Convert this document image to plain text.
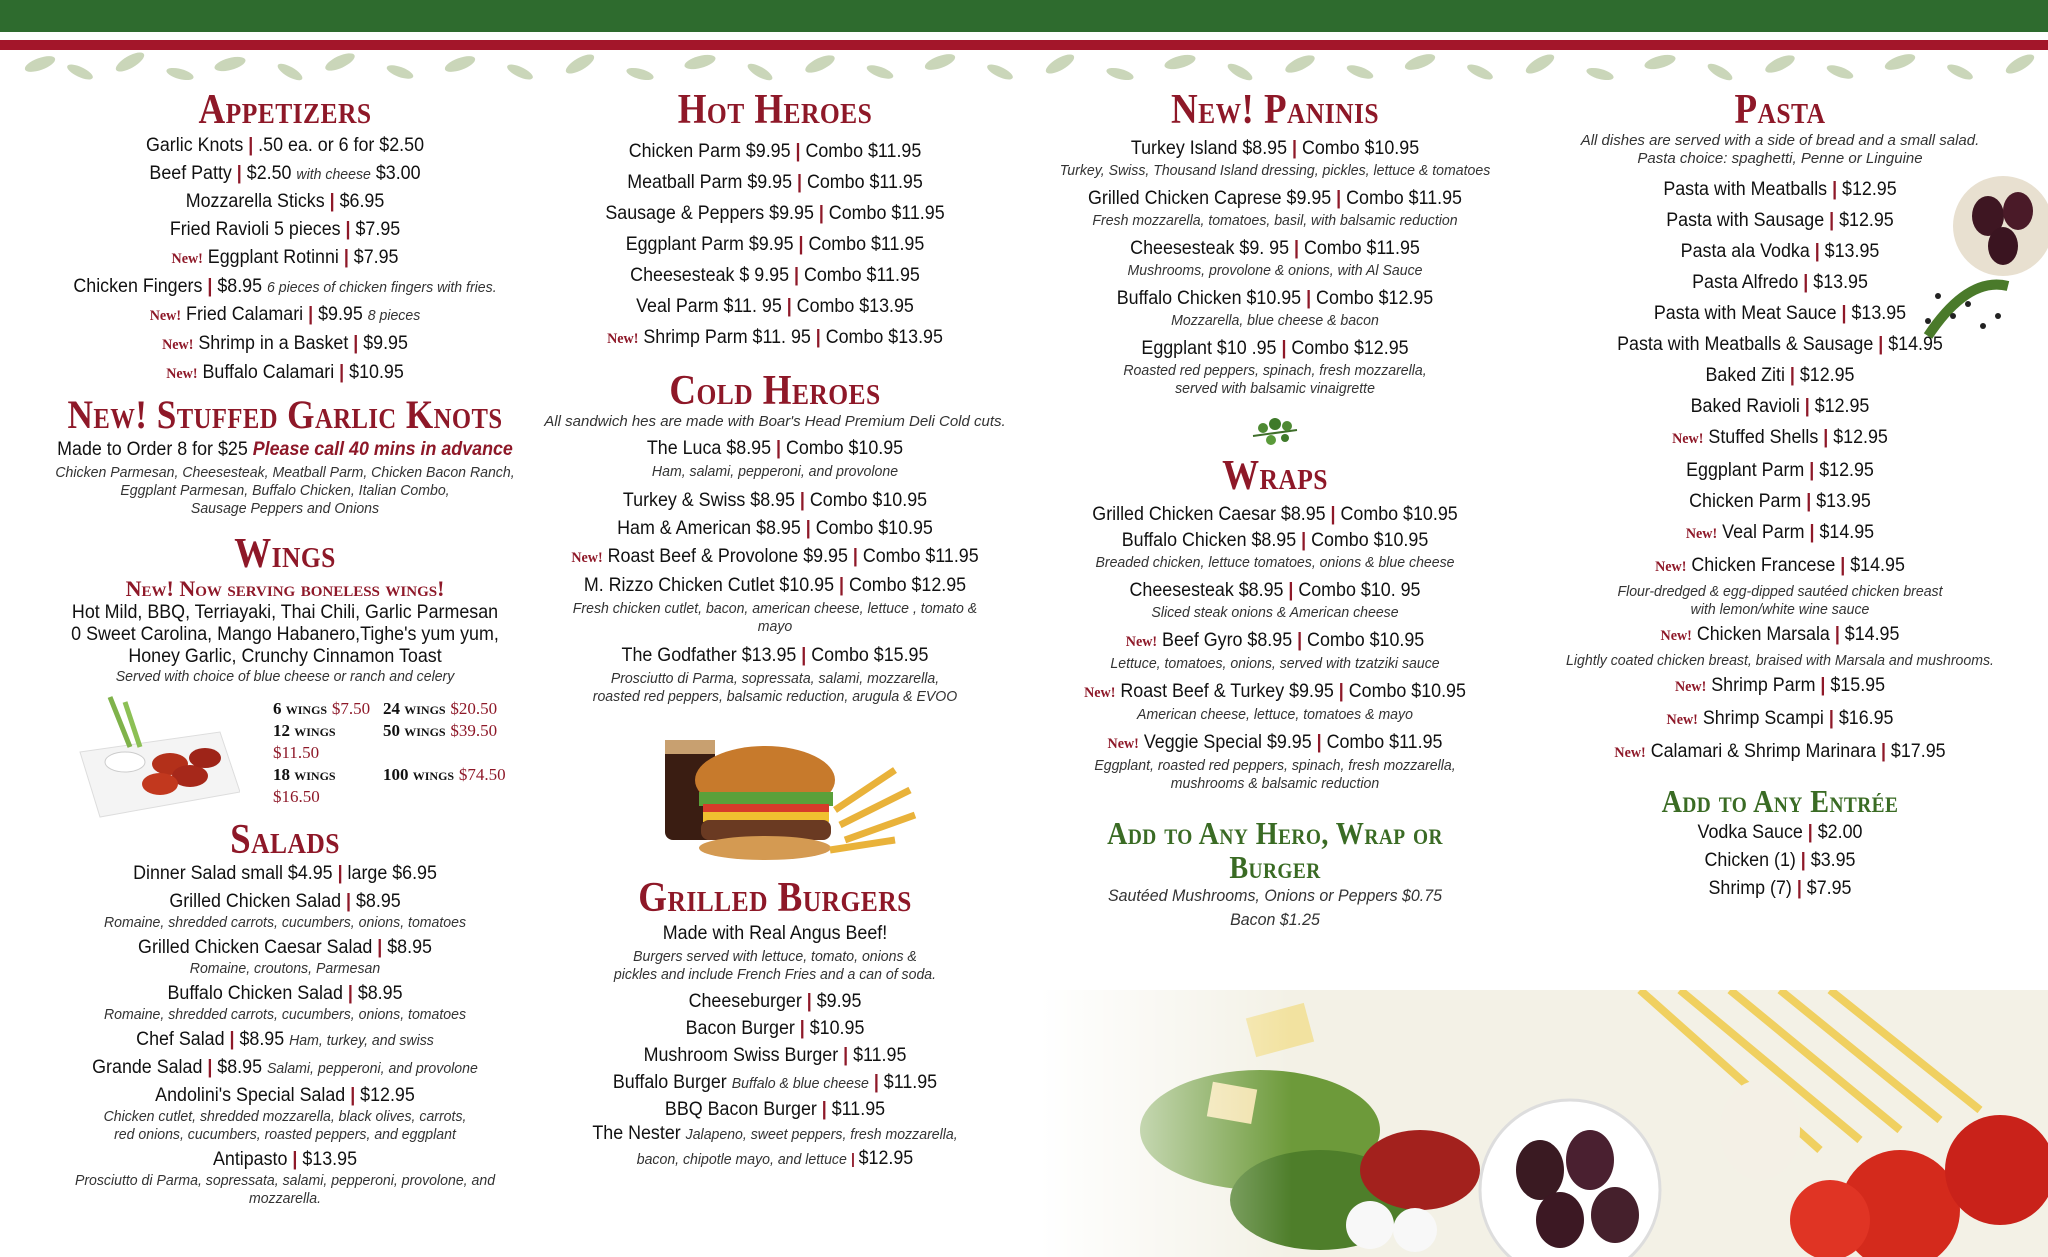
Appetizers
Garlic Knots | .50 ea. or 6 for $2.50
Beef Patty | $2.50 with cheese $3.00
Mozzarella Sticks | $6.95
Fried Ravioli 5 pieces | $7.95
New! Eggplant Rotinni | $7.95
Chicken Fingers | $8.95 6 pieces of chicken fingers with fries.
New! Fried Calamari | $9.95 8 pieces
New! Shrimp in a Basket | $9.95
New! Buffalo Calamari | $10.95
New! Stuffed Garlic Knots
Made to Order 8 for $25 Please call 40 mins in advance
Chicken Parmesan, Cheesesteak, Meatball Parm, Chicken Bacon Ranch,
Eggplant Parmesan, Buffalo Chicken, Italian Combo,
Sausage Peppers and Onions
Wings
New! Now serving boneless wings!
Hot Mild, BBQ, Terriayaki, Thai Chili, Garlic Parmesan
0 Sweet Carolina, Mango Habanero,Tighe's yum yum,
Honey Garlic, Crunchy Cinnamon Toast
Served with choice of blue cheese or ranch and celery
6 wings $7.50 24 wings $20.50
12 wings $11.50
50 wings $39.50
18 wings $16.50
100 wings $74.50
Salads
Dinner Salad small $4.95 | large $6.95
Grilled Chicken Salad | $8.95
Romaine, shredded carrots, cucumbers, onions, tomatoes
Grilled Chicken Caesar Salad | $8.95
Romaine, croutons, Parmesan
Buffalo Chicken Salad | $8.95
Romaine, shredded carrots, cucumbers, onions, tomatoes
Chef Salad | $8.95 Ham, turkey, and swiss
Grande Salad | $8.95 Salami, pepperoni, and provolone
Andolini's Special Salad | $12.95
Chicken cutlet, shredded mozzarella, black olives, carrots,
red onions, cucumbers, roasted peppers, and eggplant
Antipasto | $13.95
Prosciutto di Parma, sopressata, salami, pepperoni, provolone, and mozzarella.
Hot Heroes
Chicken Parm $9.95 | Combo $11.95
Meatball Parm $9.95 | Combo $11.95
Sausage & Peppers $9.95 | Combo $11.95
Eggplant Parm $9.95 | Combo $11.95
Cheesesteak $ 9.95 | Combo $11.95
Veal Parm $11. 95 | Combo $13.95
New! Shrimp Parm $11. 95 | Combo $13.95
Cold Heroes
All sandwich hes are made with Boar's Head Premium Deli Cold cuts.
The Luca $8.95 | Combo $10.95
Ham, salami, pepperoni, and provolone
Turkey & Swiss $8.95 | Combo $10.95
Ham & American $8.95 | Combo $10.95
New! Roast Beef & Provolone $9.95 | Combo $11.95
M. Rizzo Chicken Cutlet $10.95 | Combo $12.95
Fresh chicken cutlet, bacon, american cheese, lettuce , tomato & mayo
The Godfather $13.95 | Combo $15.95
Prosciutto di Parma, sopressata, salami, mozzarella,
roasted red peppers, balsamic reduction, arugula & EVOO
Grilled Burgers
Made with Real Angus Beef!
Burgers served with lettuce, tomato, onions &
pickles and include French Fries and a can of soda.
Cheeseburger | $9.95
Bacon Burger | $10.95
Mushroom Swiss Burger | $11.95
Buffalo Burger Buffalo & blue cheese | $11.95
BBQ Bacon Burger | $11.95
The Nester Jalapeno, sweet peppers, fresh mozzarella,
bacon, chipotle mayo, and lettuce | $12.95
New! Paninis
Turkey Island $8.95 | Combo $10.95
Turkey, Swiss, Thousand Island dressing, pickles, lettuce & tomatoes
Grilled Chicken Caprese $9.95 | Combo $11.95
Fresh mozzarella, tomatoes, basil, with balsamic reduction
Cheesesteak $9. 95 | Combo $11.95
Mushrooms, provolone & onions, with Al Sauce
Buffalo Chicken $10.95 | Combo $12.95
Mozzarella, blue cheese & bacon
Eggplant $10 .95 | Combo $12.95
Roasted red peppers, spinach, fresh mozzarella,
served with balsamic vinaigrette
Wraps
Grilled Chicken Caesar $8.95 | Combo $10.95
Buffalo Chicken $8.95 | Combo $10.95
Breaded chicken, lettuce tomatoes, onions & blue cheese
Cheesesteak $8.95 | Combo $10. 95
Sliced steak onions & American cheese
New! Beef Gyro $8.95 | Combo $10.95
Lettuce, tomatoes, onions, served with tzatziki sauce
New! Roast Beef & Turkey $9.95 | Combo $10.95
American cheese, lettuce, tomatoes & mayo
New! Veggie Special $9.95 | Combo $11.95
Eggplant, roasted red peppers, spinach, fresh mozzarella,
mushrooms & balsamic reduction
Add to Any Hero, Wrap or Burger
Sautéed Mushrooms, Onions or Peppers $0.75
Bacon $1.25
Pasta
All dishes are served with a side of bread and a small salad.
Pasta choice: spaghetti, Penne or Linguine
Pasta with Meatballs | $12.95
Pasta with Sausage | $12.95
Pasta ala Vodka | $13.95
Pasta Alfredo | $13.95
Pasta with Meat Sauce | $13.95
Pasta with Meatballs & Sausage | $14.95
Baked Ziti | $12.95
Baked Ravioli | $12.95
New! Stuffed Shells | $12.95
Eggplant Parm | $12.95
Chicken Parm | $13.95
New! Veal Parm | $14.95
New! Chicken Francese | $14.95
Flour-dredged & egg-dipped sautéed chicken breast
with lemon/white wine sauce
New! Chicken Marsala | $14.95
Lightly coated chicken breast, braised with Marsala and mushrooms.
New! Shrimp Parm | $15.95
New! Shrimp Scampi | $16.95
New! Calamari & Shrimp Marinara | $17.95
Add to Any Entrée
Vodka Sauce | $2.00
Chicken (1) | $3.95
Shrimp (7) | $7.95
